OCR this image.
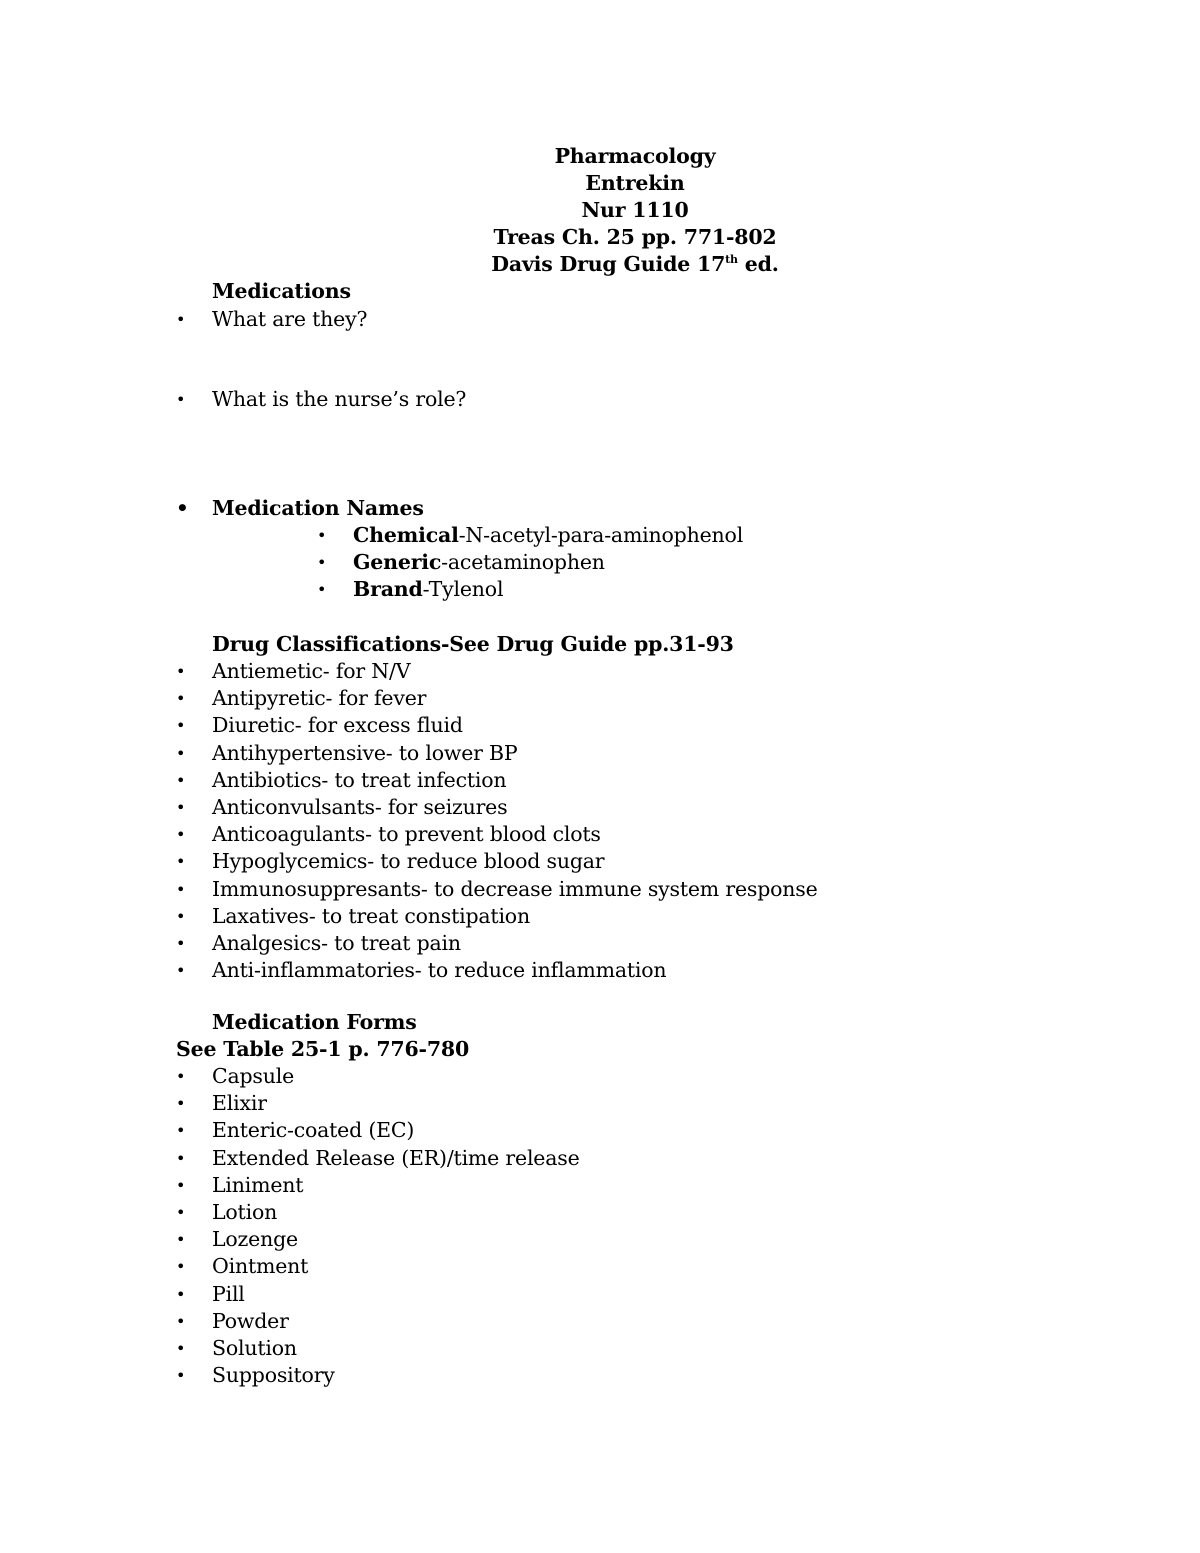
Pharmacology
Entrekin
Nur 1110
Treas Ch. 25 pp. 771-802
Davis Drug Guide 17th ed.
Medications
• What are they?
• What is the nurse’s role?
• Medication Names
• Chemical-N-acetyl-para-aminophenol
• Generic-acetaminophen
• Brand-Tylenol
Drug Classifications-See Drug Guide pp.31-93
• Antiemetic- for N/V
• Antipyretic- for fever
• Diuretic- for excess fluid
• Antihypertensive- to lower BP
• Antibiotics- to treat infection
• Anticonvulsants- for seizures
• Anticoagulants- to prevent blood clots
• Hypoglycemics- to reduce blood sugar
• Immunosuppresants- to decrease immune system response
• Laxatives- to treat constipation
• Analgesics- to treat pain
• Anti-inflammatories- to reduce inflammation
Medication Forms
See Table 25-1 p. 776-780
• Capsule
• Elixir
• Enteric-coated (EC)
• Extended Release (ER)/time release
• Liniment
• Lotion
• Lozenge
• Ointment
• Pill
• Powder
• Solution
• Suppository
